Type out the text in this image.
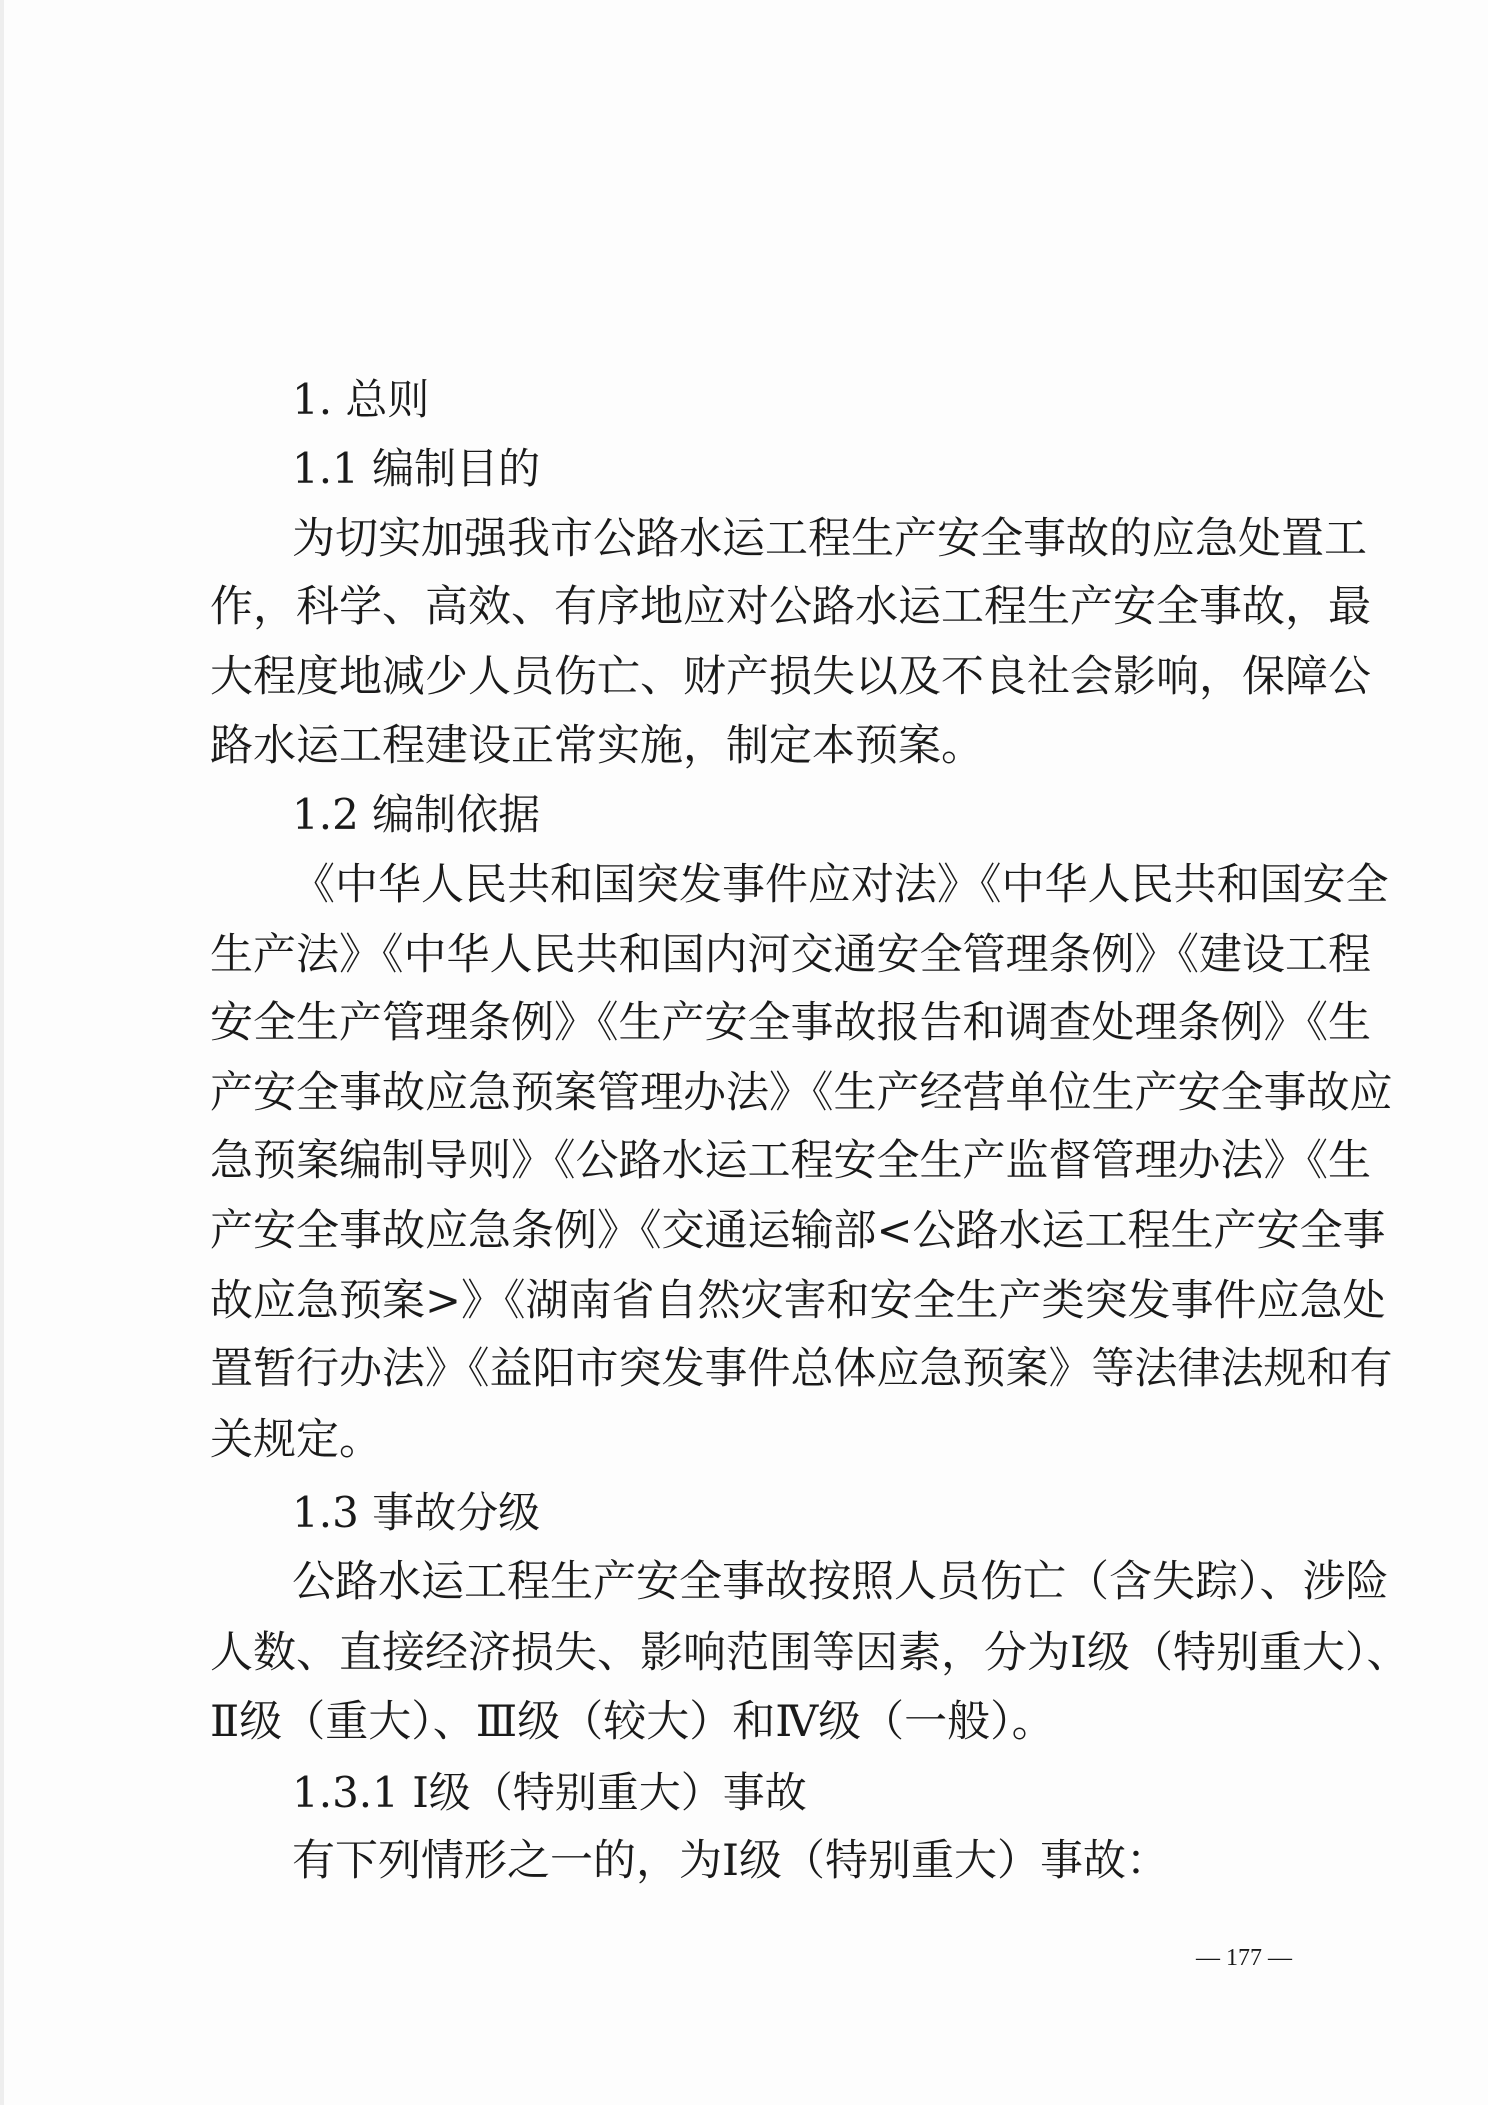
1. 总则
1.1 编制目的
为切实加强我市公路水运工程生产安全事故的应急处置工
作，科学、高效、有序地应对公路水运工程生产安全事故，最
大程度地减少人员伤亡、财产损失以及不良社会影响，保障公
路水运工程建设正常实施，制定本预案。
1.2 编制依据
《中华人民共和国突发事件应对法》《中华人民共和国安全
生产法》《中华人民共和国内河交通安全管理条例》《建设工程
安全生产管理条例》《生产安全事故报告和调查处理条例》《生
产安全事故应急预案管理办法》《生产经营单位生产安全事故应
急预案编制导则》《公路水运工程安全生产监督管理办法》《生
产安全事故应急条例》《交通运输部<公路水运工程生产安全事
故应急预案>》《湖南省自然灾害和安全生产类突发事件应急处
置暂行办法》《益阳市突发事件总体应急预案》等法律法规和有
关规定。
1.3 事故分级
公路水运工程生产安全事故按照人员伤亡（含失踪）、涉险
人数、直接经济损失、影响范围等因素，分为Ⅰ级（特别重大）、
Ⅱ级（重大）、Ⅲ级（较大）和Ⅳ级（一般）。
1.3.1 Ⅰ级（特别重大）事故
有下列情形之一的，为Ⅰ级（特别重大）事故：
— 177 —
